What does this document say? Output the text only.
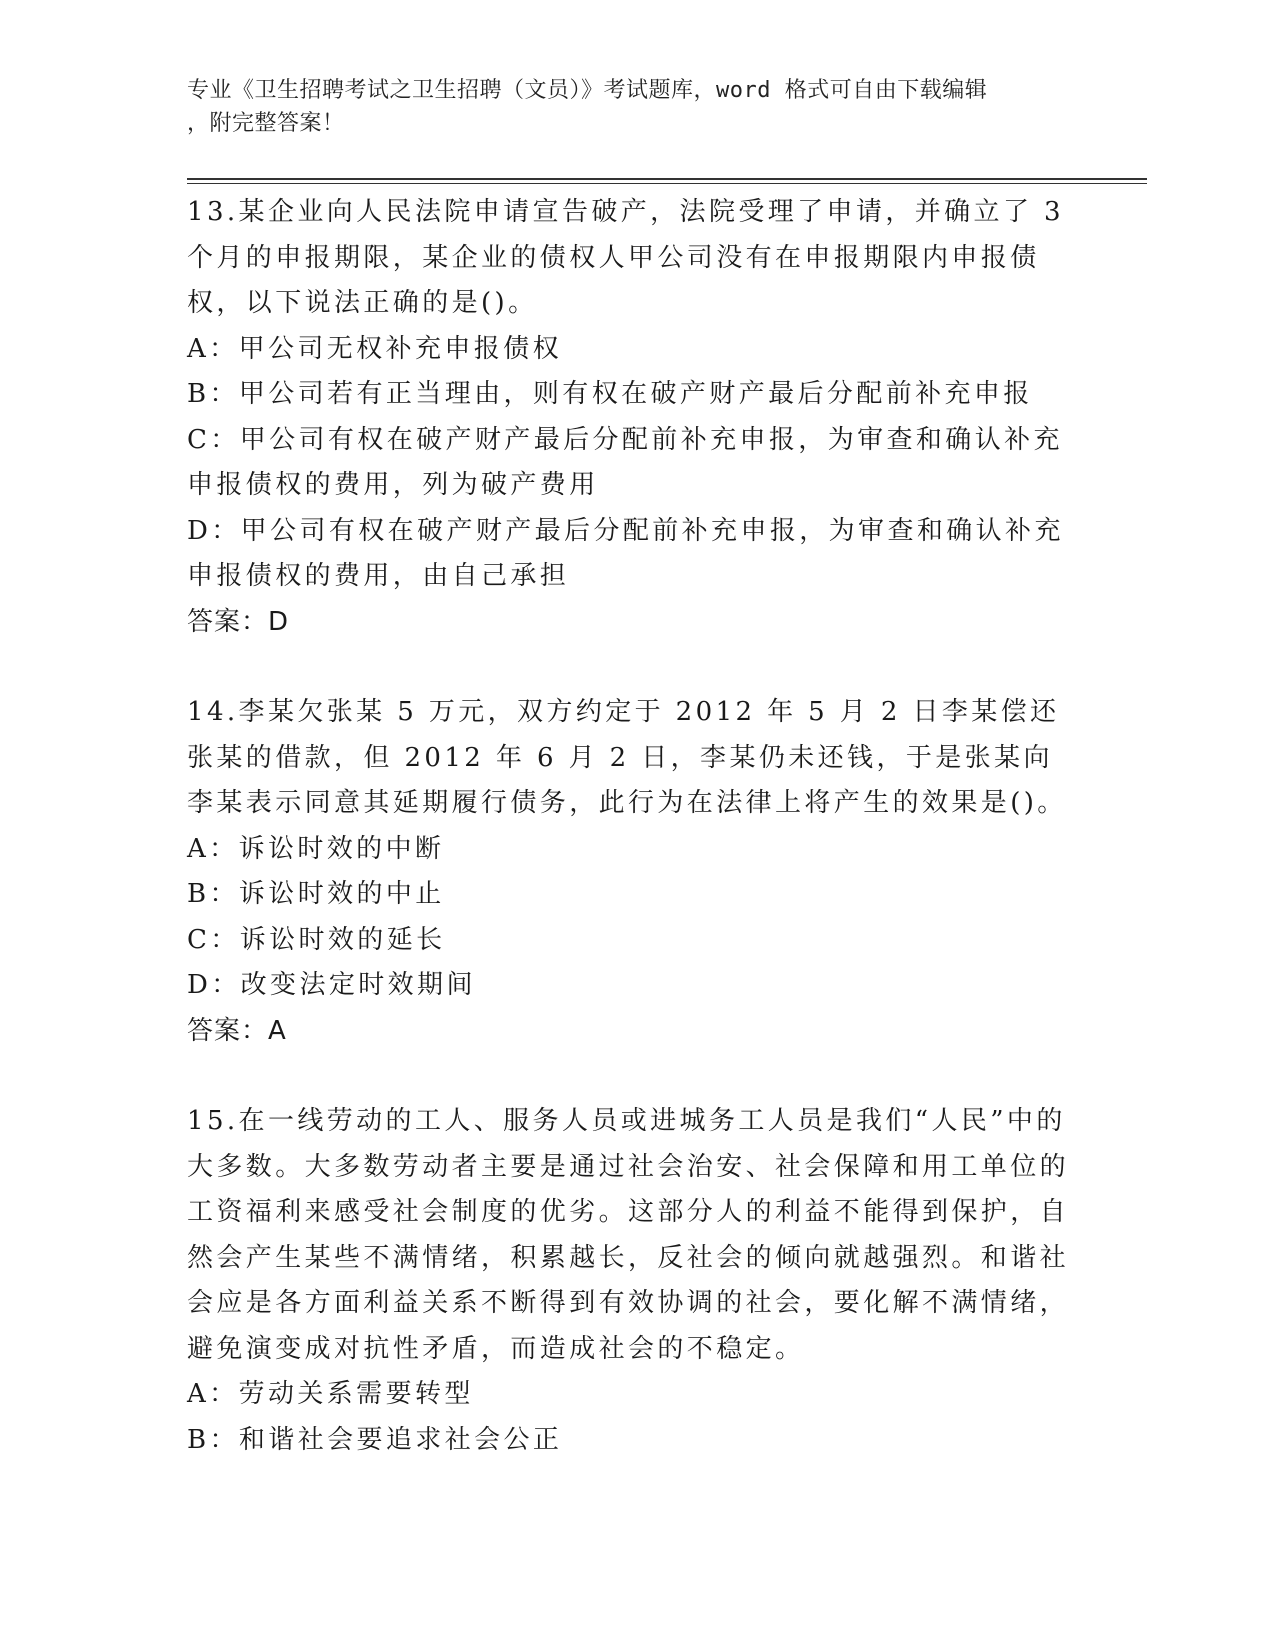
专业《卫生招聘考试之卫生招聘（文员）》考试题库，word 格式可自由下载编辑
，附完整答案！

13.某企业向人民法院申请宣告破产，法院受理了申请，并确立了 3 个月的申报期限，某企业的债权人甲公司没有在申报期限内申报债权，以下说法正确的是()。

A：甲公司无权补充申报债权

B：甲公司若有正当理由，则有权在破产财产最后分配前补充申报

C：甲公司有权在破产财产最后分配前补充申报，为审查和确认补充申报债权的费用，列为破产费用

D：甲公司有权在破产财产最后分配前补充申报，为审查和确认补充申报债权的费用，由自己承担

答案：D

14.李某欠张某 5 万元，双方约定于 2012 年 5 月 2 日李某偿还张某的借款，但 2012 年 6 月 2 日，李某仍未还钱，于是张某向李某表示同意其延期履行债务，此行为在法律上将产生的效果是()。

A：诉讼时效的中断

B：诉讼时效的中止

C：诉讼时效的延长

D：改变法定时效期间

答案：A

15.在一线劳动的工人、服务人员或进城务工人员是我们“人民”中的大多数。大多数劳动者主要是通过社会治安、社会保障和用工单位的工资福利来感受社会制度的优劣。这部分人的利益不能得到保护，自然会产生某些不满情绪，积累越长，反社会的倾向就越强烈。和谐社会应是各方面利益关系不断得到有效协调的社会，要化解不满情绪，避免演变成对抗性矛盾，而造成社会的不稳定。

A：劳动关系需要转型

B：和谐社会要追求社会公正
